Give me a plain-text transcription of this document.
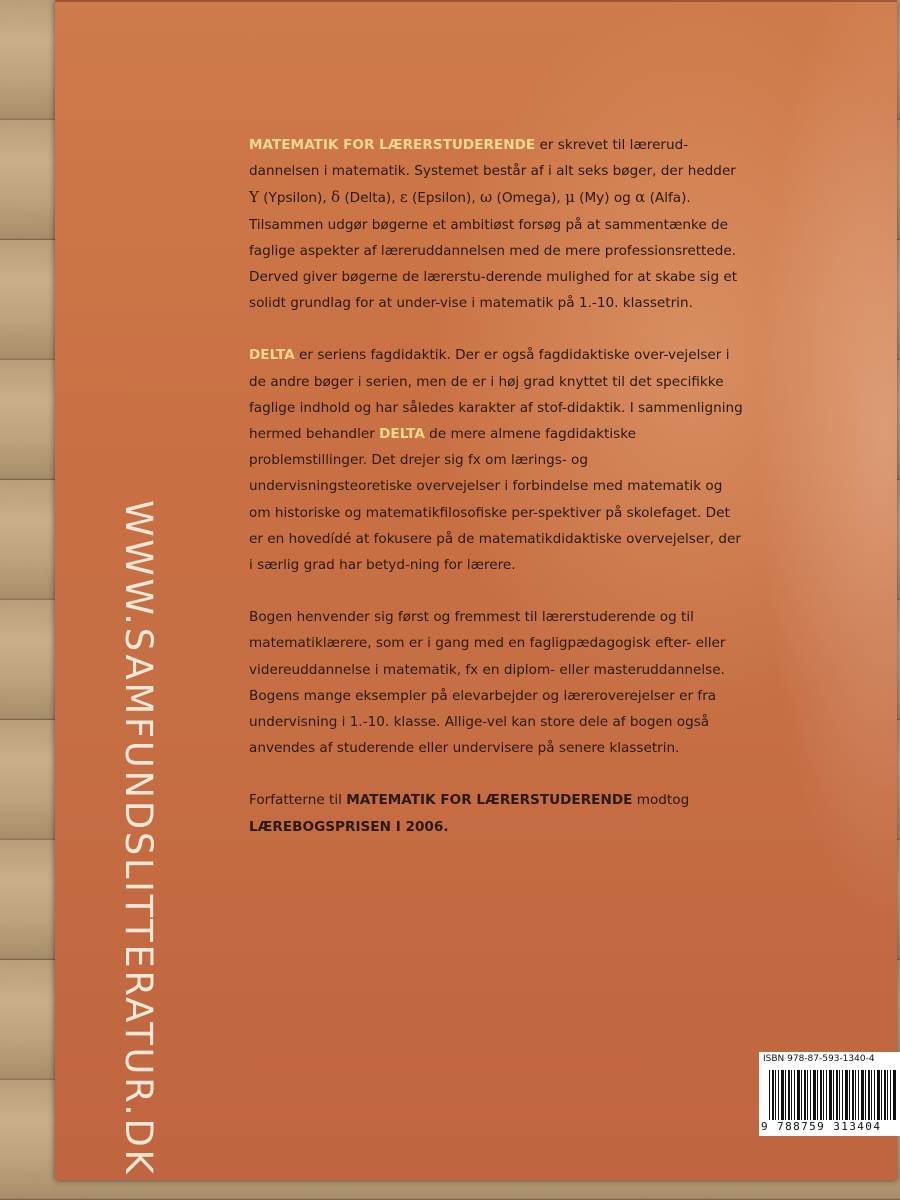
WWW.SAMFUNDSLITTERATUR.DK

MATEMATIK FOR LÆRERSTUDERENDE er skrevet til lærerud-dannelsen i matematik. Systemet består af i alt seks bøger, der hedder Υ (Ypsilon), δ (Delta), ε (Epsilon), ω (Omega), μ (My) og α (Alfa). Tilsammen udgør bøgerne et ambitiøst forsøg på at sammentænke de faglige aspekter af læreruddannelsen med de mere professionsrettede. Derved giver bøgerne de lærerstu-derende mulighed for at skabe sig et solidt grundlag for at under-vise i matematik på 1.-10. klassetrin.

DELTA er seriens fagdidaktik. Der er også fagdidaktiske over-vejelser i de andre bøger i serien, men de er i høj grad knyttet til det specifikke faglige indhold og har således karakter af stof-didaktik. I sammenligning hermed behandler DELTA de mere almene fagdidaktiske problemstillinger. Det drejer sig fx om lærings- og undervisningsteoretiske overvejelser i forbindelse med matematik og om historiske og matematikfilosofiske per-spektiver på skolefaget. Det er en hovedídé at fokusere på de matematikdidaktiske overvejelser, der i særlig grad har betyd-ning for lærere.

Bogen henvender sig først og fremmest til lærerstuderende og til matematiklærere, som er i gang med en fagligpædagogisk efter- eller videreuddannelse i matematik, fx en diplom- eller masteruddannelse. Bogens mange eksempler på elevarbejder og læreroverejelser er fra undervisning i 1.-10. klasse. Allige-vel kan store dele af bogen også anvendes af studerende eller undervisere på senere klassetrin.

Forfatterne til MATEMATIK FOR LÆRERSTUDERENDE modtog LÆREBOGSPRISEN I 2006.

ISBN 978-87-593-1340-4
9 788759 313404
